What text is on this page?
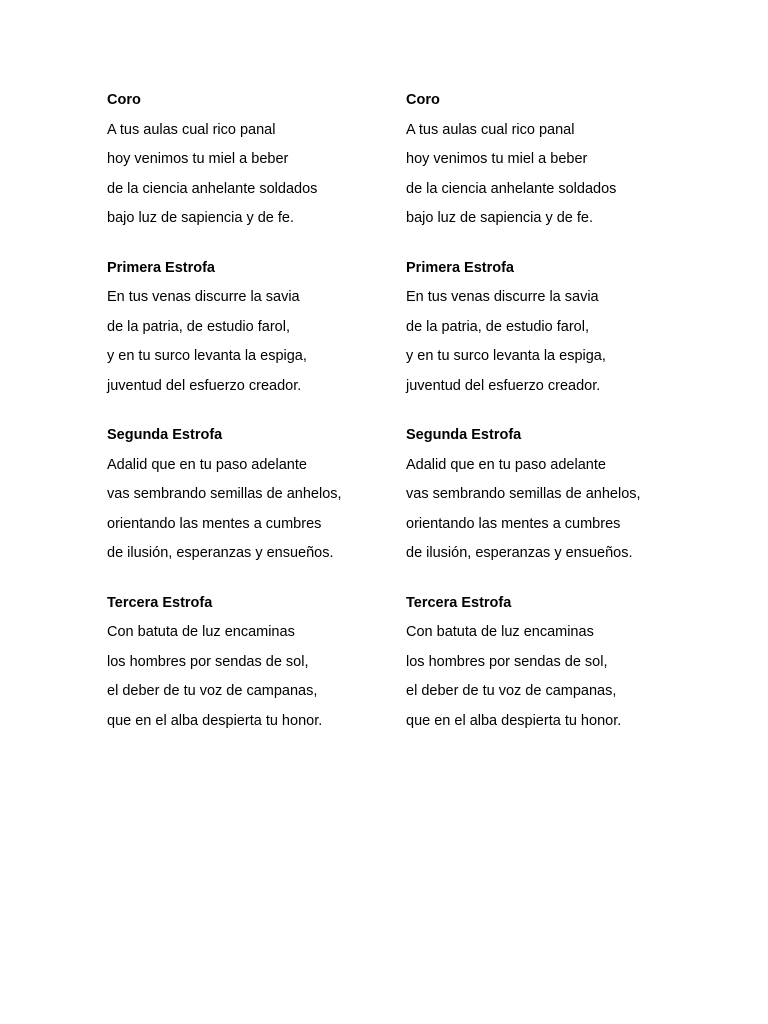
Coro
A tus aulas cual rico panal
hoy venimos tu miel a beber
de la ciencia anhelante soldados
bajo luz de sapiencia y de fe.
Primera Estrofa
En tus venas discurre la savia
de la patria, de estudio farol,
y en tu surco levanta la espiga,
juventud del esfuerzo creador.
Segunda Estrofa
Adalid que en tu paso adelante
vas sembrando semillas de anhelos,
orientando las mentes a cumbres
de ilusión, esperanzas y ensueños.
Tercera Estrofa
Con batuta de luz encaminas
los hombres por sendas de sol,
el deber de tu voz de campanas,
que en el alba despierta tu honor.
Coro
A tus aulas cual rico panal
hoy venimos tu miel a beber
de la ciencia anhelante soldados
bajo luz de sapiencia y de fe.
Primera Estrofa
En tus venas discurre la savia
de la patria, de estudio farol,
y en tu surco levanta la espiga,
juventud del esfuerzo creador.
Segunda Estrofa
Adalid que en tu paso adelante
vas sembrando semillas de anhelos,
orientando las mentes a cumbres
de ilusión, esperanzas y ensueños.
Tercera Estrofa
Con batuta de luz encaminas
los hombres por sendas de sol,
el deber de tu voz de campanas,
que en el alba despierta tu honor.
